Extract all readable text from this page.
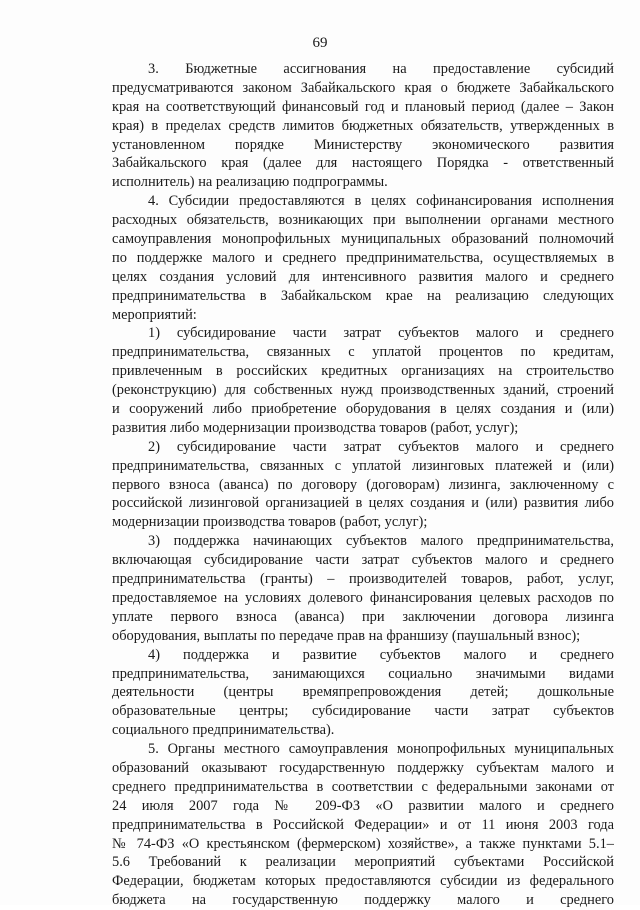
69
3. Бюджетные ассигнования на предоставление субсидий
предусматриваются законом Забайкальского края о бюджете Забайкальского
края на соответствующий финансовый год и плановый период (далее – Закон
края) в пределах средств лимитов бюджетных обязательств, утвержденных в
установленном порядке Министерству экономического развития
Забайкальского края (далее для настоящего Порядка - ответственный
исполнитель) на реализацию подпрограммы.
4. Субсидии предоставляются в целях софинансирования исполнения
расходных обязательств, возникающих при выполнении органами местного
самоуправления монопрофильных муниципальных образований полномочий
по поддержке малого и среднего предпринимательства, осуществляемых в
целях создания условий для интенсивного развития малого и среднего
предпринимательства в Забайкальском крае на реализацию следующих
мероприятий:
1) субсидирование части затрат субъектов малого и среднего
предпринимательства, связанных с уплатой процентов по кредитам,
привлеченным в российских кредитных организациях на строительство
(реконструкцию) для собственных нужд производственных зданий, строений
и сооружений либо приобретение оборудования в целях создания и (или)
развития либо модернизации производства товаров (работ, услуг);
2) субсидирование части затрат субъектов малого и среднего
предпринимательства, связанных с уплатой лизинговых платежей и (или)
первого взноса (аванса) по договору (договорам) лизинга, заключенному с
российской лизинговой организацией в целях создания и (или) развития либо
модернизации производства товаров (работ, услуг);
3) поддержка начинающих субъектов малого предпринимательства,
включающая субсидирование части затрат субъектов малого и среднего
предпринимательства (гранты) – производителей товаров, работ, услуг,
предоставляемое на условиях долевого финансирования целевых расходов по
уплате первого взноса (аванса) при заключении договора лизинга
оборудования, выплаты по передаче прав на франшизу (паушальный взнос);
4) поддержка и развитие субъектов малого и среднего
предпринимательства, занимающихся социально значимыми видами
деятельности (центры времяпрепровождения детей; дошкольные
образовательные центры; субсидирование части затрат субъектов
социального предпринимательства).
5. Органы местного самоуправления монопрофильных муниципальных
образований оказывают государственную поддержку субъектам малого и
среднего предпринимательства в соответствии с федеральными законами от
24 июля 2007 года № 209-ФЗ «О развитии малого и среднего
предпринимательства в Российской Федерации» и от 11 июня 2003 года
№ 74-ФЗ «О крестьянском (фермерском) хозяйстве», а также пунктами 5.1–
5.6 Требований к реализации мероприятий субъектами Российской
Федерации, бюджетам которых предоставляются субсидии из федерального
бюджета на государственную поддержку малого и среднего
